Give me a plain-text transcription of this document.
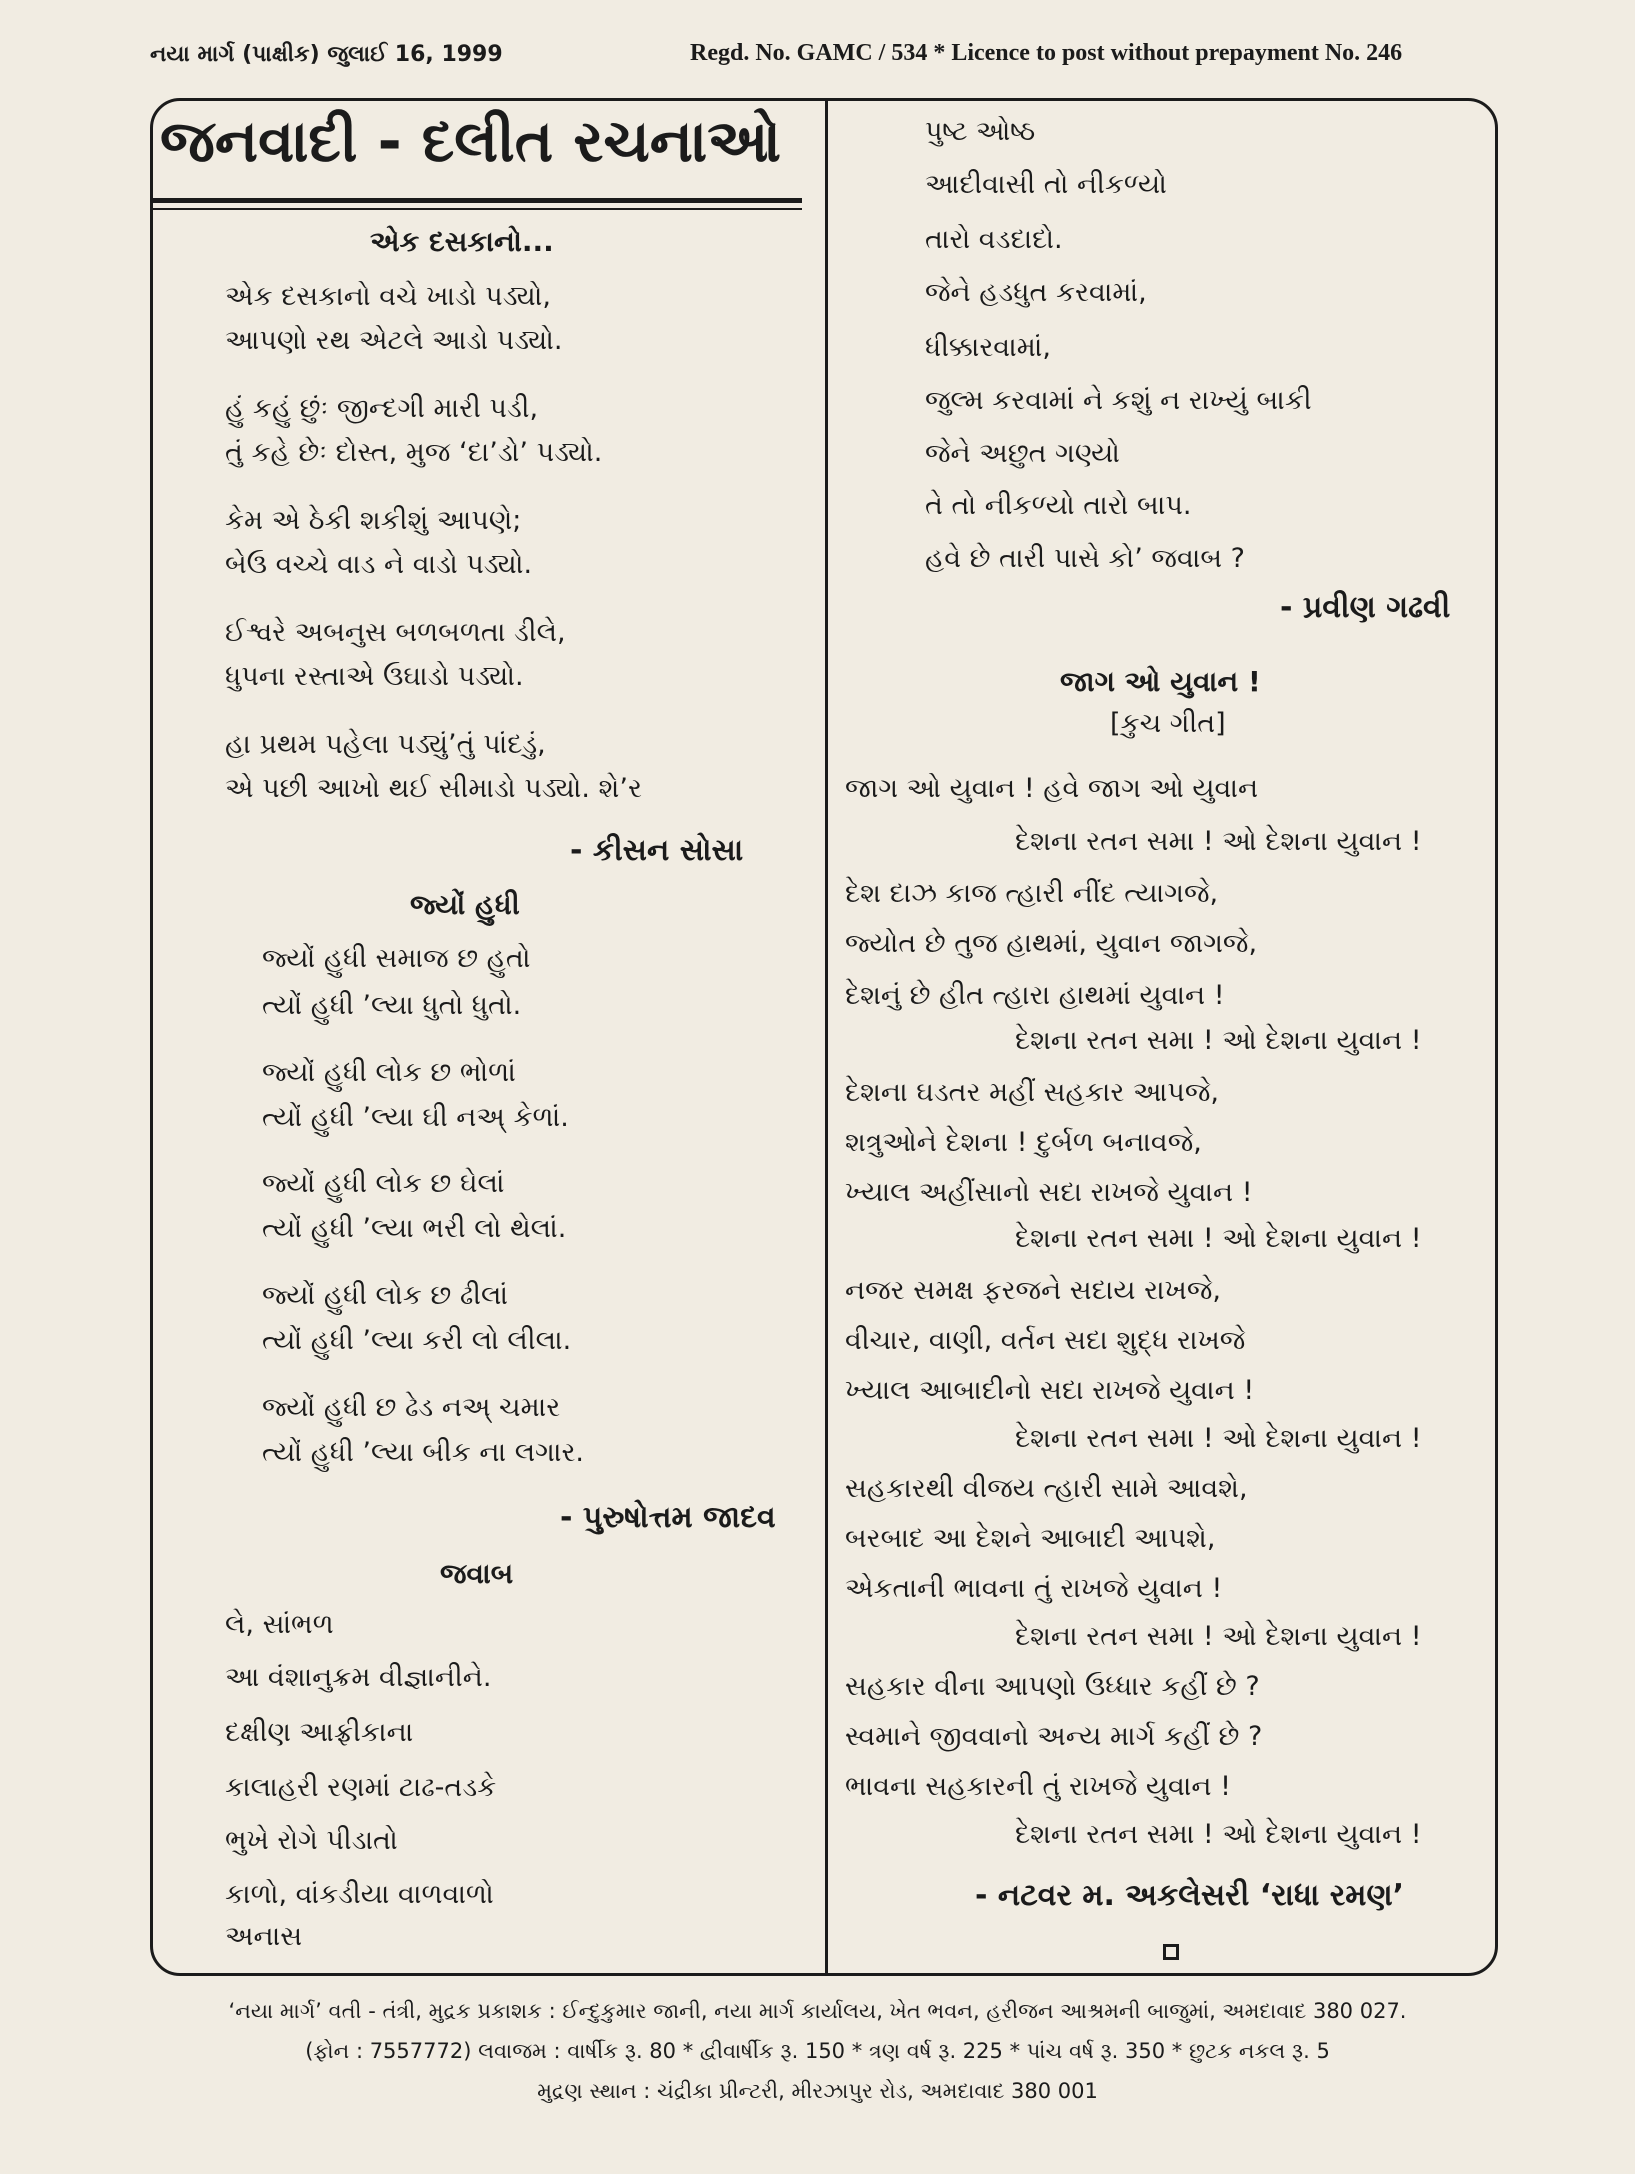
નયા માર્ગ (પાક્ષીક) જુલાઈ 16, 1999	Regd. No. GAMC / 534 * Licence to post without prepayment No. 246
જનવાદી - દલીત રચનાઓ
એક દસકાનો...
એક દસકાનો વચે ખાડો પડ્યો,
આપણો રથ એટલે આડો પડ્યો.
હું કહું છુંઃ જીન્દગી મારી પડી,
તું કહે છેઃ દોસ્ત, મુજ ‘દા’ડો’ પડ્યો.
કેમ એ ઠેકી શકીશું આપણે;
બેઉ વચ્ચે વાડ ને વાડો પડ્યો.
ઈશ્વરે અબનુસ બળબળતા ડીલે,
ધુપના રસ્તાએ ઉઘાડો પડ્યો.
હા પ્રથમ પહેલા પડ્યું’તું પાંદડું,
એ પછી આખો થઈ સીમાડો પડ્યો. શે’ર
- કીસન સોસા
જ્યોં હુધી
જ્યોં હુધી સમાજ છ હુતો
ત્યોં હુધી ’લ્યા ધુતો ધુતો.
જ્યોં હુધી લોક છ ભોળાં
ત્યોં હુધી ’લ્યા ઘી નઅ્ કેળાં.
જ્યોં હુધી લોક છ ઘેલાં
ત્યોં હુધી ’લ્યા ભરી લો થેલાં.
જ્યોં હુધી લોક છ ઢીલાં
ત્યોં હુધી ’લ્યા કરી લો લીલા.
જ્યોં હુધી છ ઢેડ નઅ્ ચમાર
ત્યોં હુધી ’લ્યા બીક ના લગાર.
- પુરુષોત્તમ જાદવ
જવાબ
લે, સાંભળ
આ વંશાનુક્રમ વીજ્ઞાનીને.
દક્ષીણ આફ્રીકાના
કાલાહરી રણમાં ટાઢ-તડકે
ભુખે રોગે પીડાતો
કાળો, વાંકડીયા વાળવાળો
અનાસ
પુષ્ટ ઓષ્ઠ
આદીવાસી તો નીકળ્યો
તારો વડદાદો.
જેને હડધુત કરવામાં,
ધીક્કારવામાં,
જુલ્મ કરવામાં ને કશું ન રાખ્યું બાકી
જેને અછુત ગણ્યો
તે તો નીકળ્યો તારો બાપ.
હવે છે તારી પાસે કો’ જવાબ ?
- પ્રવીણ ગઢવી
જાગ ઓ યુવાન !
[કુચ ગીત]
જાગ ઓ યુવાન ! હવે જાગ ઓ યુવાન
દેશના રતન સમા ! ઓ દેશના યુવાન !
દેશ દાઝ કાજ ત્હારી નીંદ ત્યાગજે,
જ્યોત છે તુજ હાથમાં, યુવાન જાગજે,
દેશનું છે હીત ત્હારા હાથમાં યુવાન !
દેશના રતન સમા ! ઓ દેશના યુવાન !
દેશના ઘડતર મહીં સહકાર આપજે,
શત્રુઓને દેશના ! દુર્બળ બનાવજે,
ખ્યાલ અહીંસાનો સદા રાખજે યુવાન !
દેશના રતન સમા ! ઓ દેશના યુવાન !
નજર સમક્ષ ફરજને સદાય રાખજે,
વીચાર, વાણી, વર્તન સદા શુદ્ધ રાખજે
ખ્યાલ આબાદીનો સદા રાખજે યુવાન !
દેશના રતન સમા ! ઓ દેશના યુવાન !
સહકારથી વીજય ત્હારી સામે આવશે,
બરબાદ આ દેશને આબાદી આપશે,
એકતાની ભાવના તું રાખજે યુવાન !
દેશના રતન સમા ! ઓ દેશના યુવાન !
સહકાર વીના આપણો ઉધ્ધાર કહીં છે ?
સ્વમાને જીવવાનો અન્ય માર્ગ કહીં છે ?
ભાવના સહકારની તું રાખજે યુવાન !
દેશના રતન સમા ! ઓ દેશના યુવાન !
- નટવર મ. અકલેસરી ‘રાધા રમણ’
‘નયા માર્ગ’ વતી - તંત્રી, મુદ્રક પ્રકાશક : ઈન્દુકુમાર જાની, નયા માર્ગ કાર્યાલય, ખેત ભવન, હરીજન આશ્રમની બાજુમાં, અમદાવાદ 380 027.
(ફોન : 7557772) લવાજમ : વાર્ષીક રૂ. 80 * દ્વીવાર્ષીક રૂ. 150 * ત્રણ વર્ષ રૂ. 225 * પાંચ વર્ષ રૂ. 350 * છુટક નકલ રૂ. 5
મુદ્રણ સ્થાન : ચંદ્રીકા પ્રીન્ટરી, મીરઝાપુર રોડ, અમદાવાદ 380 001
